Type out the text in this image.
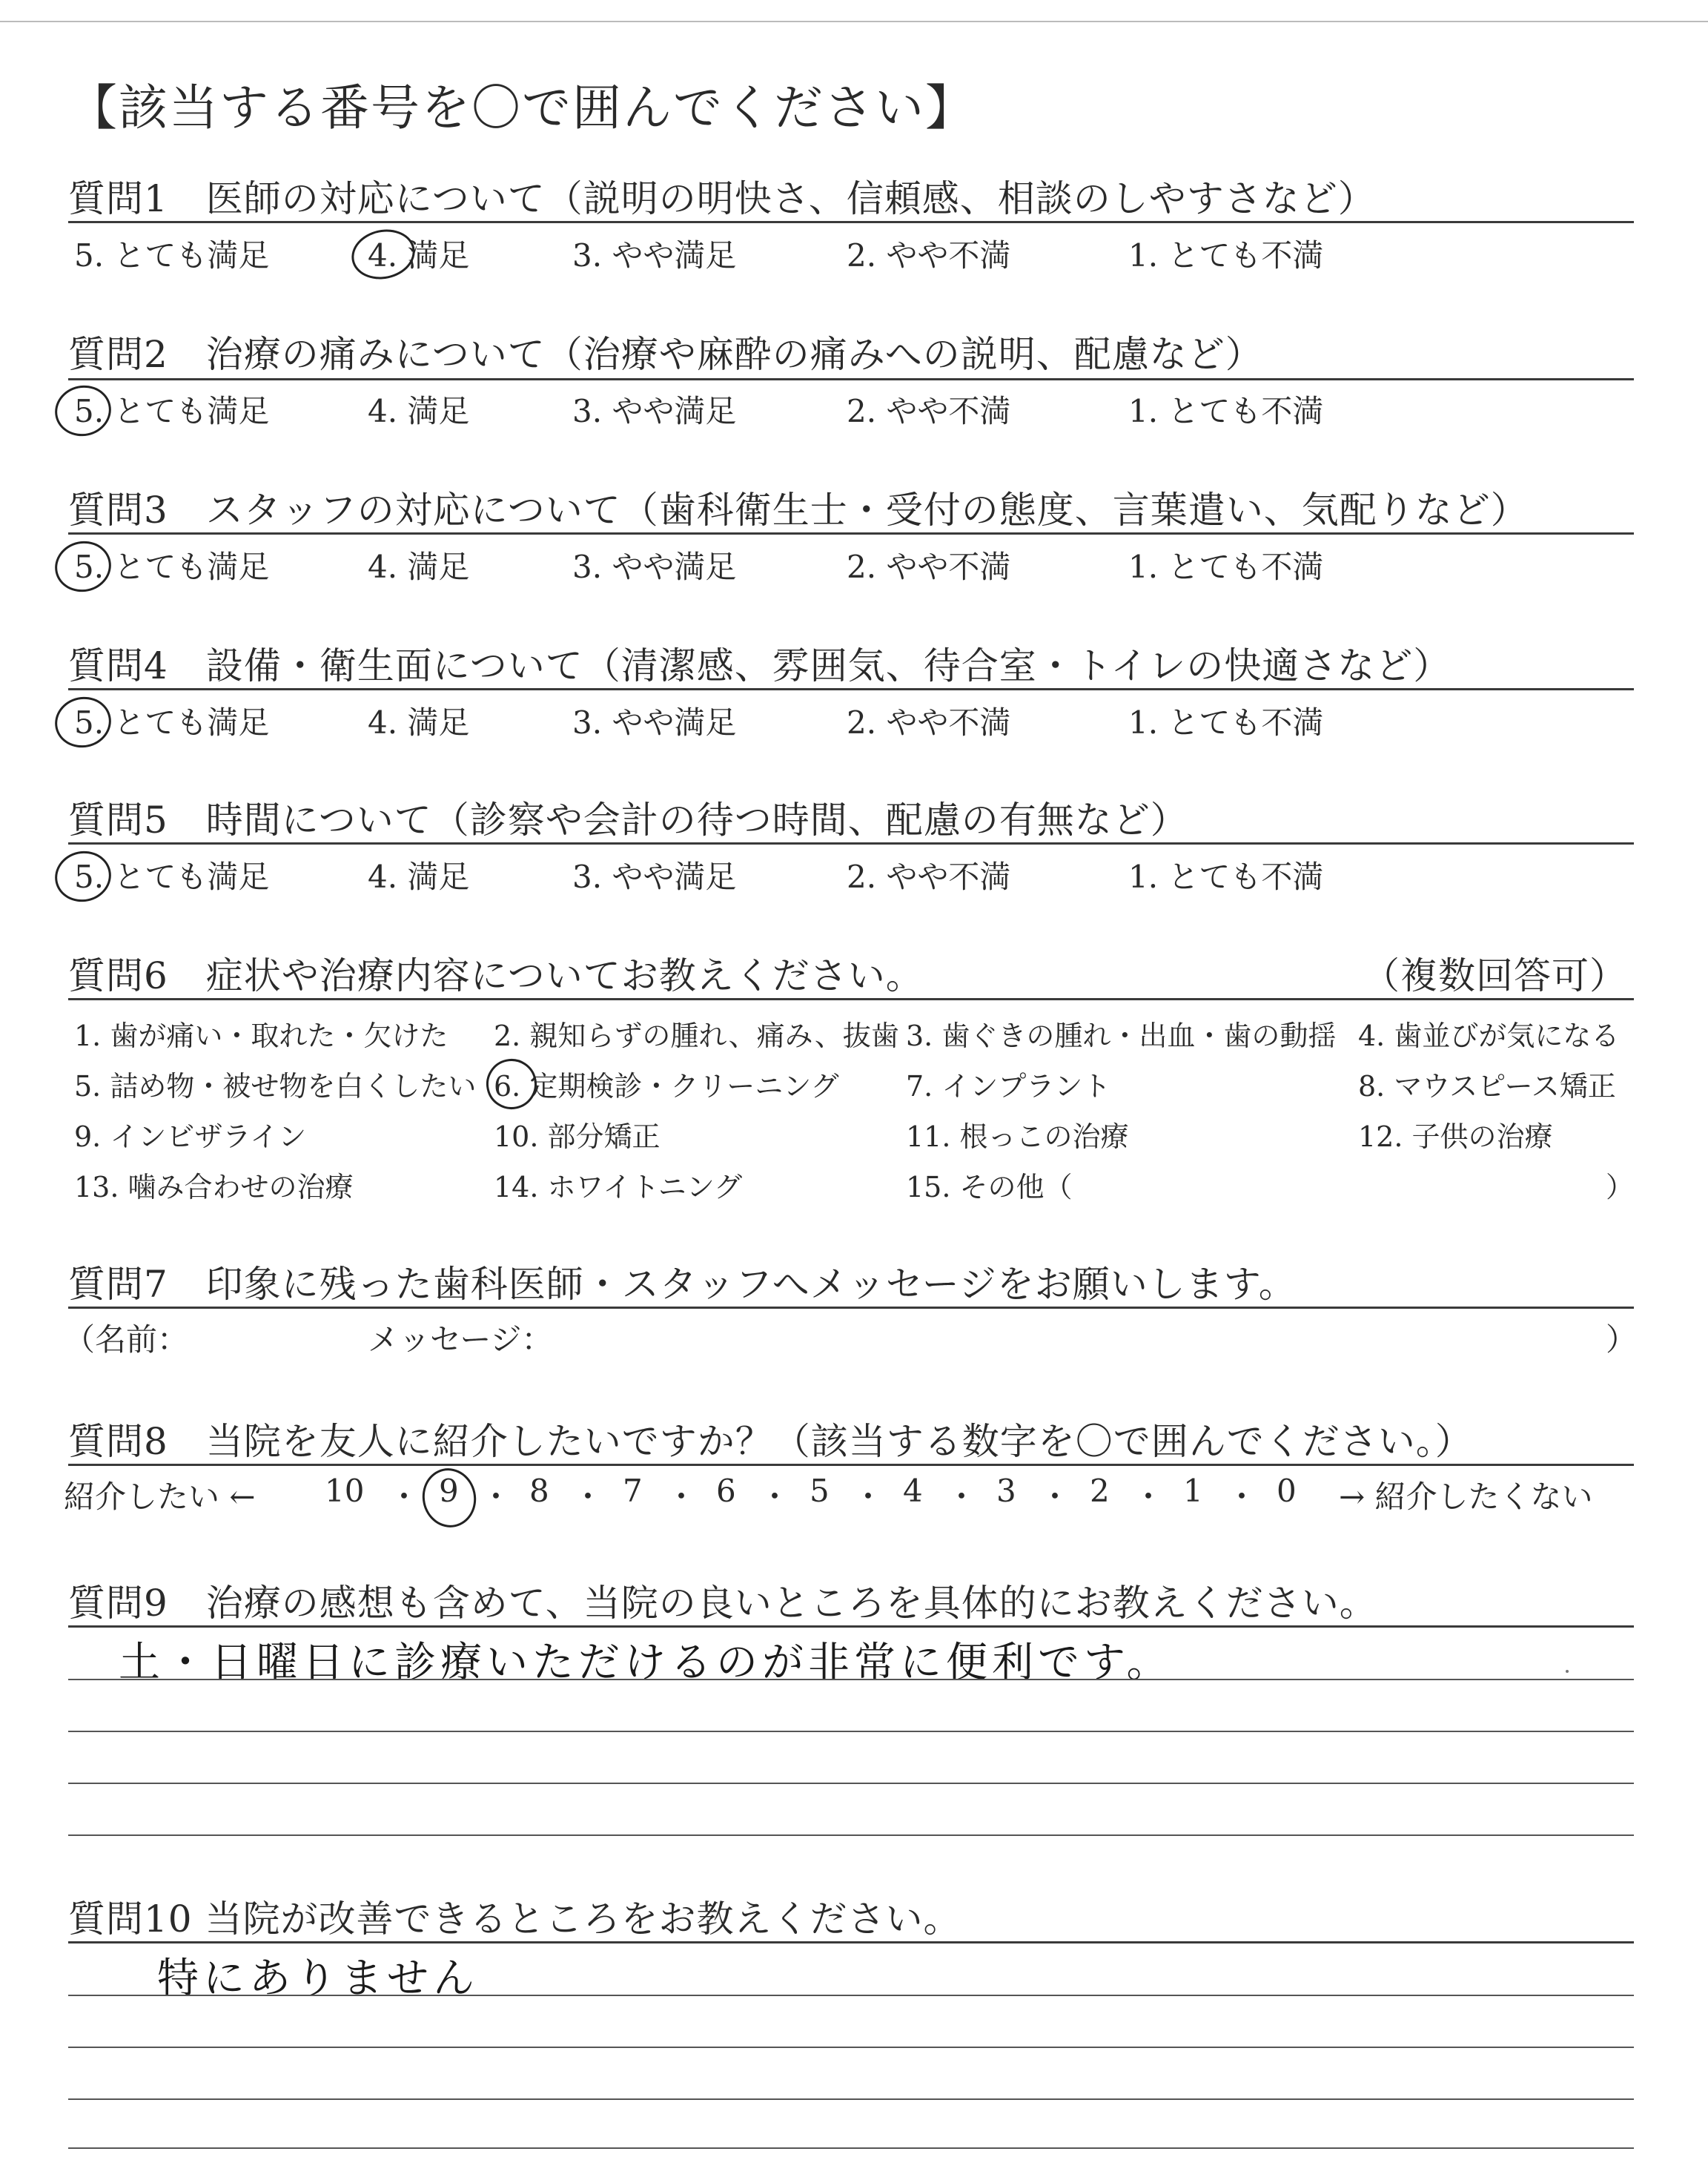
【該当する番号を〇で囲んでください】
質問1　医師の対応について（説明の明快さ、信頼感、相談のしやすさなど）
5. とても満足	4. 満足	3. やや満足	2. やや不満	1. とても不満
質問2　治療の痛みについて（治療や麻酔の痛みへの説明、配慮など）
5. とても満足	4. 満足	3. やや満足	2. やや不満	1. とても不満
質問3　スタッフの対応について（歯科衛生士・受付の態度、言葉遣い、気配りなど）
5. とても満足	4. 満足	3. やや満足	2. やや不満	1. とても不満
質問4　設備・衛生面について（清潔感、雰囲気、待合室・トイレの快適さなど）
5. とても満足	4. 満足	3. やや満足	2. やや不満	1. とても不満
質問5　時間について（診察や会計の待つ時間、配慮の有無など）
5. とても満足	4. 満足	3. やや満足	2. やや不満	1. とても不満
質問6　症状や治療内容についてお教えください。	（複数回答可）
1. 歯が痛い・取れた・欠けた 2. 親知らずの腫れ、痛み、抜歯 3. 歯ぐきの腫れ・出血・歯の動揺 4. 歯並びが気になる
5. 詰め物・被せ物を白くしたい 6. 定期検診・クリーニング 7. インプラント	8. マウスピース矯正
9. インビザライン	10. 部分矯正	11. 根っこの治療	12. 子供の治療
13. 噛み合わせの治療	14. ホワイトニング	15. その他（	）
質問7　印象に残った歯科医師・スタッフへメッセージをお願いします。
（名前：	メッセージ：	）
質問8　当院を友人に紹介したいですか？（該当する数字を〇で囲んでください。）
紹介したい ←	→ 紹介したくない
10 ・ 9 ・ 8 ・ 7 ・ 6 ・ 5 ・ 4 ・ 3 ・ 2 ・ 1 ・ 0
質問9　治療の感想も含めて、当院の良いところを具体的にお教えください。
土・日曜日に診療いただけるのが非常に便利です。
質問10 当院が改善できるところをお教えください。
特にありません
